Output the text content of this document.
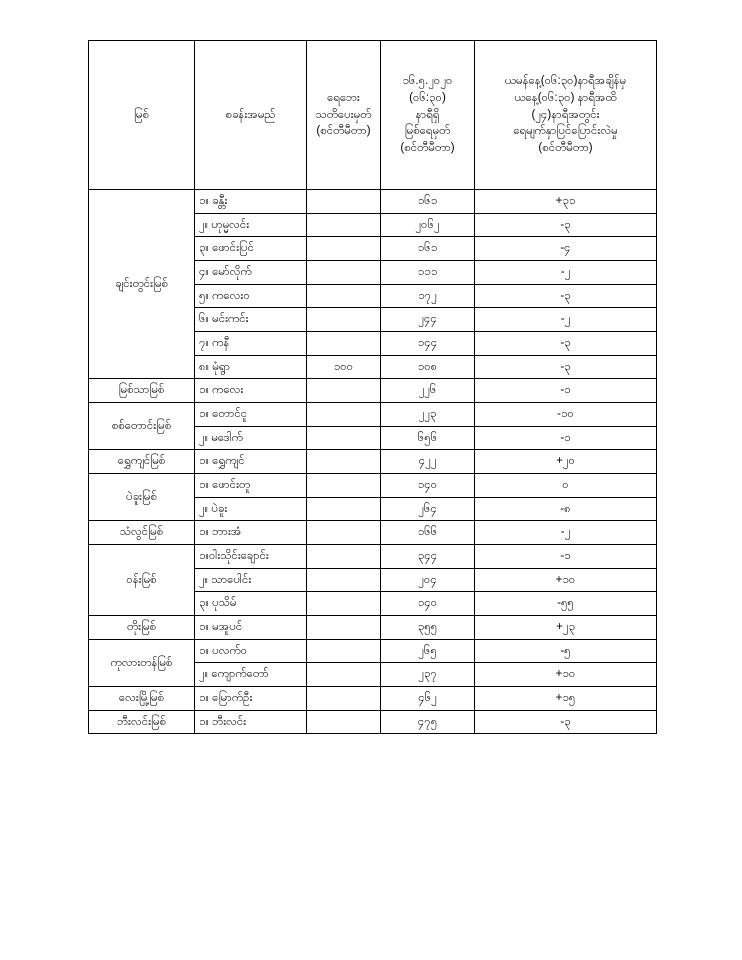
မြစ်	စခန်းအမည်	ရေဘေး
သတိပေးမှတ်
(စင်တီမီတာ)	၁၆.၅.၂၀၂၀
(၀၆:၃၀)
နာရီရှိ
မြစ်ရေမှတ်
(စင်တီမီတာ)	ယမန်နေ့(၀၆:၃၀)နာရီအချိန်မှ
ယနေ့(၀၆:၃၀) နာရီအထိ
(၂၄)နာရီအတွင်း
ရေမျက်နှာပြင်ပြောင်းလဲမှု
(စင်တီမီတာ)

ချင်းတွင်းမြစ်	၁။ ခန္တီး		၁၆၁	+၃၁
	၂။ ဟုမ္မလင်း		၂၀၆၂	-၃
	၃။ ဖောင်းပြင်		၁၆၁	-၄
	၄။ မော်လိုက်		၁၁၁	-၂
	၅။ ကလေးဝ		၁၇၂	-၃
	၆။ မင်းကင်း		၂၄၄	-၂
	၇။ ကနီ		၁၄၄	-၃
	၈။ မုံရွာ	၁၀၀	၁၀၈	-၃
မြစ်သာမြစ်	၁။ ကလေး		၂၂၆	-၁
စစ်တောင်းမြစ်	၁။ တောင်ငူ		၂၂၃	-၁၀
	၂။ မဒေါက်		၆၅၆	-၁
ရွှေကျင်မြစ်	၁။ ရွှေကျင်		၄၂၂	+၂၀
ပဲခူးမြစ်	၁။ ဖောင်းတူ		၁၄၀	၀
	၂။ ပဲခူး		၂၆၄	-၈
သံလွင်မြစ်	၁။ ဘားအံ		၁၆၆	-၂
ဝန်းမြစ်	၁။ဝါးသိုင်းချောင်း		၃၄၄	-၁
	၂။ သာပေါင်း		၂၀၄	+၁၀
	၃။ ပုသိမ်		၁၄၀	-၅၅
တိုးမြစ်	၁။ မအူပင်		၃၅၅	+၂၃
ကုလားတန်မြစ်	၁။ ပလက်ဝ		၂၆၅	-၅
	၂။ ကျောက်တော်		၂၃၇	+၁၀
လေးမြို့မြစ်	၁။ မြောက်ဦး		၄၆၂	+၁၅
ဘီးလင်းမြစ်	၁။ ဘီးလင်း		၄၇၅	-၃
